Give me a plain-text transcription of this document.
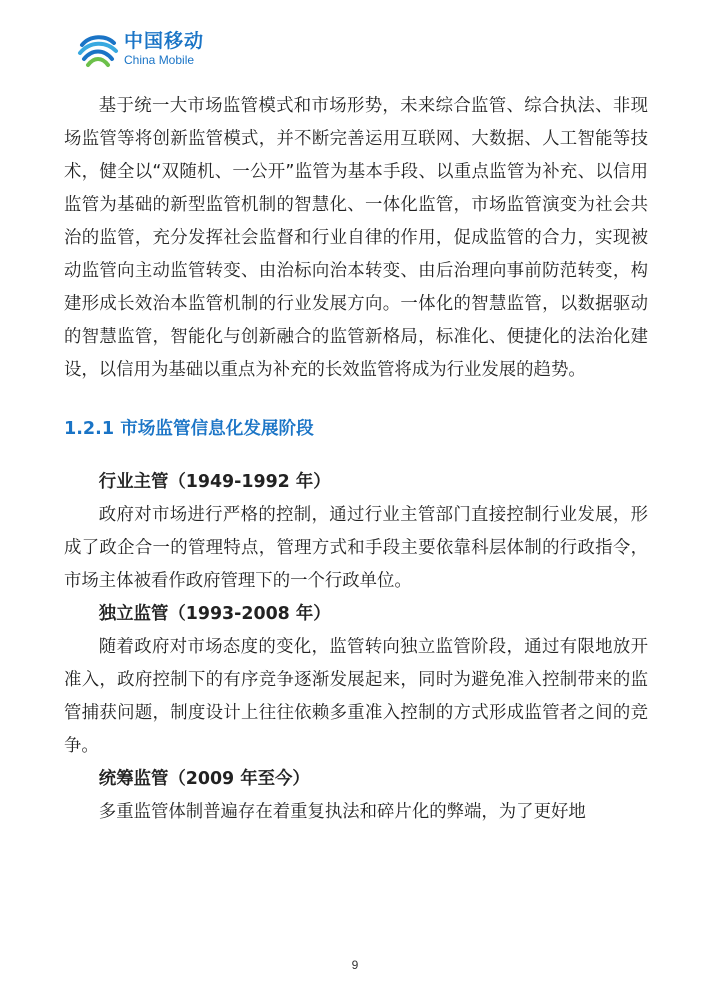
中国移动
China Mobile

基于统一大市场监管模式和市场形势，未来综合监管、综合执法、非现场监管等将创新监管模式，并不断完善运用互联网、大数据、人工智能等技术，健全以“双随机、一公开”监管为基本手段、以重点监管为补充、以信用监管为基础的新型监管机制的智慧化、一体化监管，市场监管演变为社会共治的监管，充分发挥社会监督和行业自律的作用，促成监管的合力，实现被动监管向主动监管转变、由治标向治本转变、由后治理向事前防范转变，构建形成长效治本监管机制的行业发展方向。一体化的智慧监管，以数据驱动的智慧监管，智能化与创新融合的监管新格局，标准化、便捷化的法治化建设，以信用为基础以重点为补充的长效监管将成为行业发展的趋势。

1.2.1 市场监管信息化发展阶段
行业主管（1949-1992 年）

政府对市场进行严格的控制，通过行业主管部门直接控制行业发展，形成了政企合一的管理特点，管理方式和手段主要依靠科层体制的行政指令，市场主体被看作政府管理下的一个行政单位。

独立监管（1993-2008 年）

随着政府对市场态度的变化，监管转向独立监管阶段，通过有限地放开准入，政府控制下的有序竞争逐渐发展起来，同时为避免准入控制带来的监管捕获问题，制度设计上往往依赖多重准入控制的方式形成监管者之间的竞争。

统筹监管（2009 年至今）

多重监管体制普遍存在着重复执法和碎片化的弊端，为了更好地

9
